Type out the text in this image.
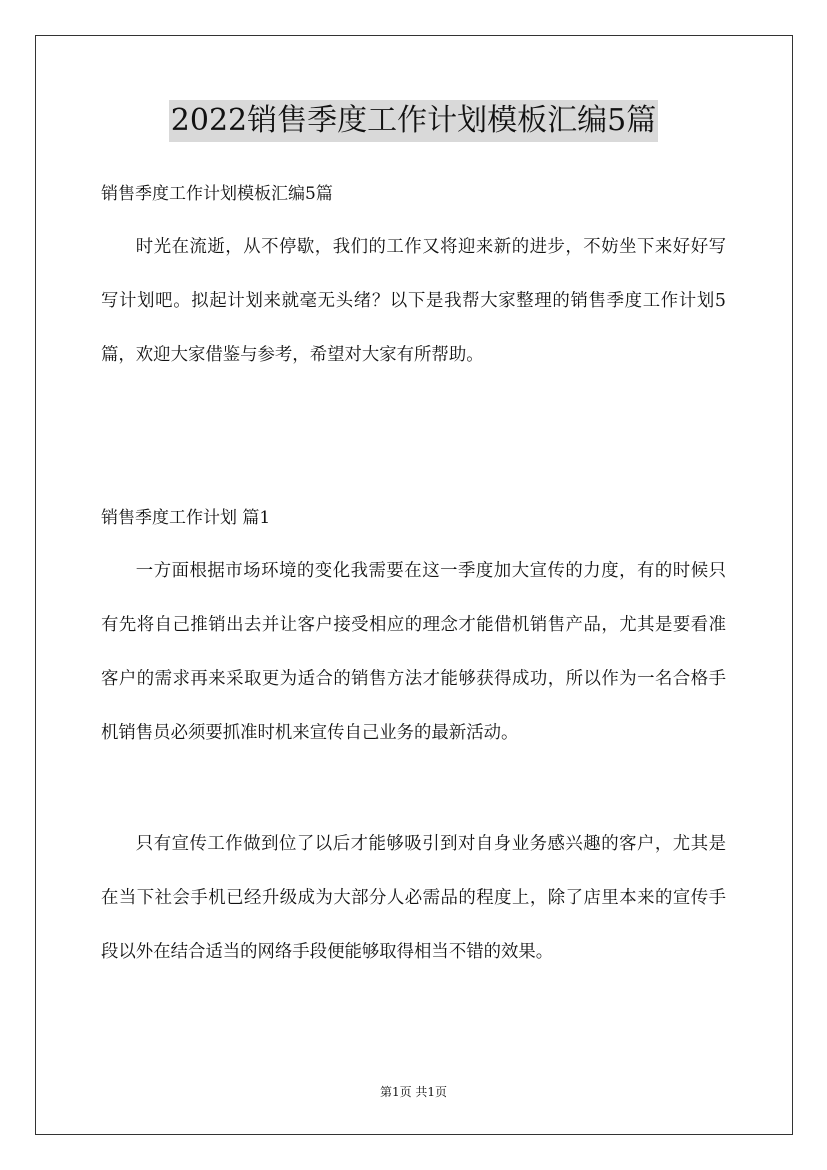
2022销售季度工作计划模板汇编5篇
销售季度工作计划模板汇编5篇

时光在流逝，从不停歇，我们的工作又将迎来新的进步，不妨坐下来好好写写计划吧。拟起计划来就毫无头绪？以下是我帮大家整理的销售季度工作计划5篇，欢迎大家借鉴与参考，希望对大家有所帮助。

销售季度工作计划 篇1

一方面根据市场环境的变化我需要在这一季度加大宣传的力度，有的时候只有先将自己推销出去并让客户接受相应的理念才能借机销售产品，尤其是要看准客户的需求再来采取更为适合的销售方法才能够获得成功，所以作为一名合格手机销售员必须要抓准时机来宣传自己业务的最新活动。

只有宣传工作做到位了以后才能够吸引到对自身业务感兴趣的客户，尤其是在当下社会手机已经升级成为大部分人必需品的程度上，除了店里本来的宣传手段以外在结合适当的网络手段便能够取得相当不错的效果。

第1页 共1页
